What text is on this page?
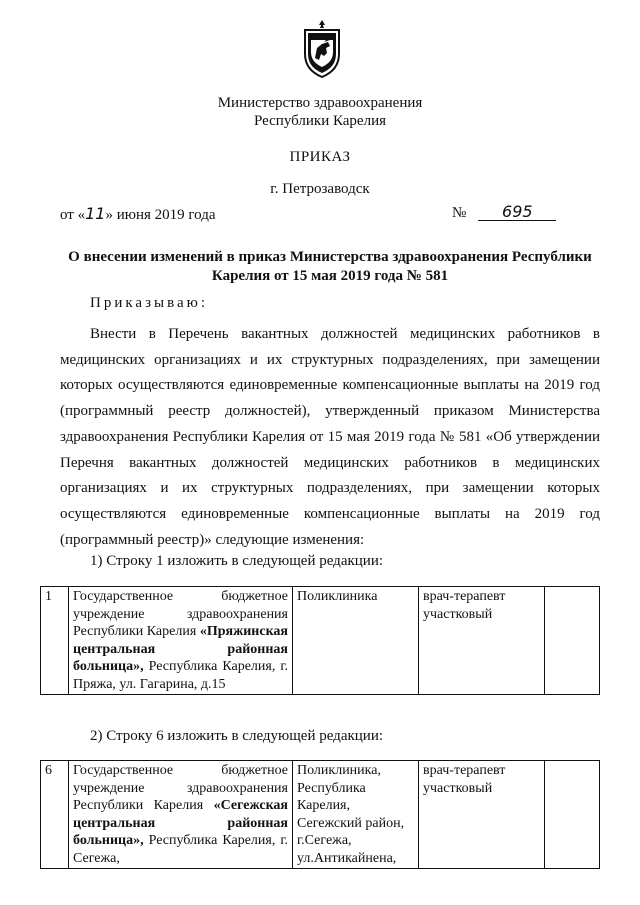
Министерство здравоохранения
Республики Карелия
ПРИКАЗ
г. Петрозаводск
от «11» июня 2019 года	№ 695
О внесении изменений в приказ Министерства здравоохранения Республики
Карелия от 15 мая 2019 года № 581
Приказываю:

Внести в Перечень вакантных должностей медицинских работников в медицинских организациях и их структурных подразделениях, при замещении которых осуществляются единовременные компенсационные выплаты на 2019 год (программный реестр должностей), утвержденный приказом Министерства здравоохранения Республики Карелия от 15 мая 2019 года № 581 «Об утверждении Перечня вакантных должностей медицинских работников в медицинских организациях и их структурных подразделениях, при замещении которых осуществляются единовременные компенсационные выплаты на 2019 год (программный реестр)» следующие изменения:

1) Строку 1 изложить в следующей редакции:
1	Государственное бюджетное учреждение здравоохранения Республики Карелия «Пряжинская центральная районная больница», Республика Карелия, г. Пряжа, ул. Гагарина, д.15	Поликлиника	врач-терапевт участковый	
2) Строку 6 изложить в следующей редакции:
6	Государственное бюджетное учреждение здравоохранения Республики Карелия «Сегежская центральная районная больница», Республика Карелия, г. Сегежа,	Поликлиника, Республика Карелия, Сегежский район, г.Сегежа, ул.Антикайнена,	врач-терапевт участковый	
